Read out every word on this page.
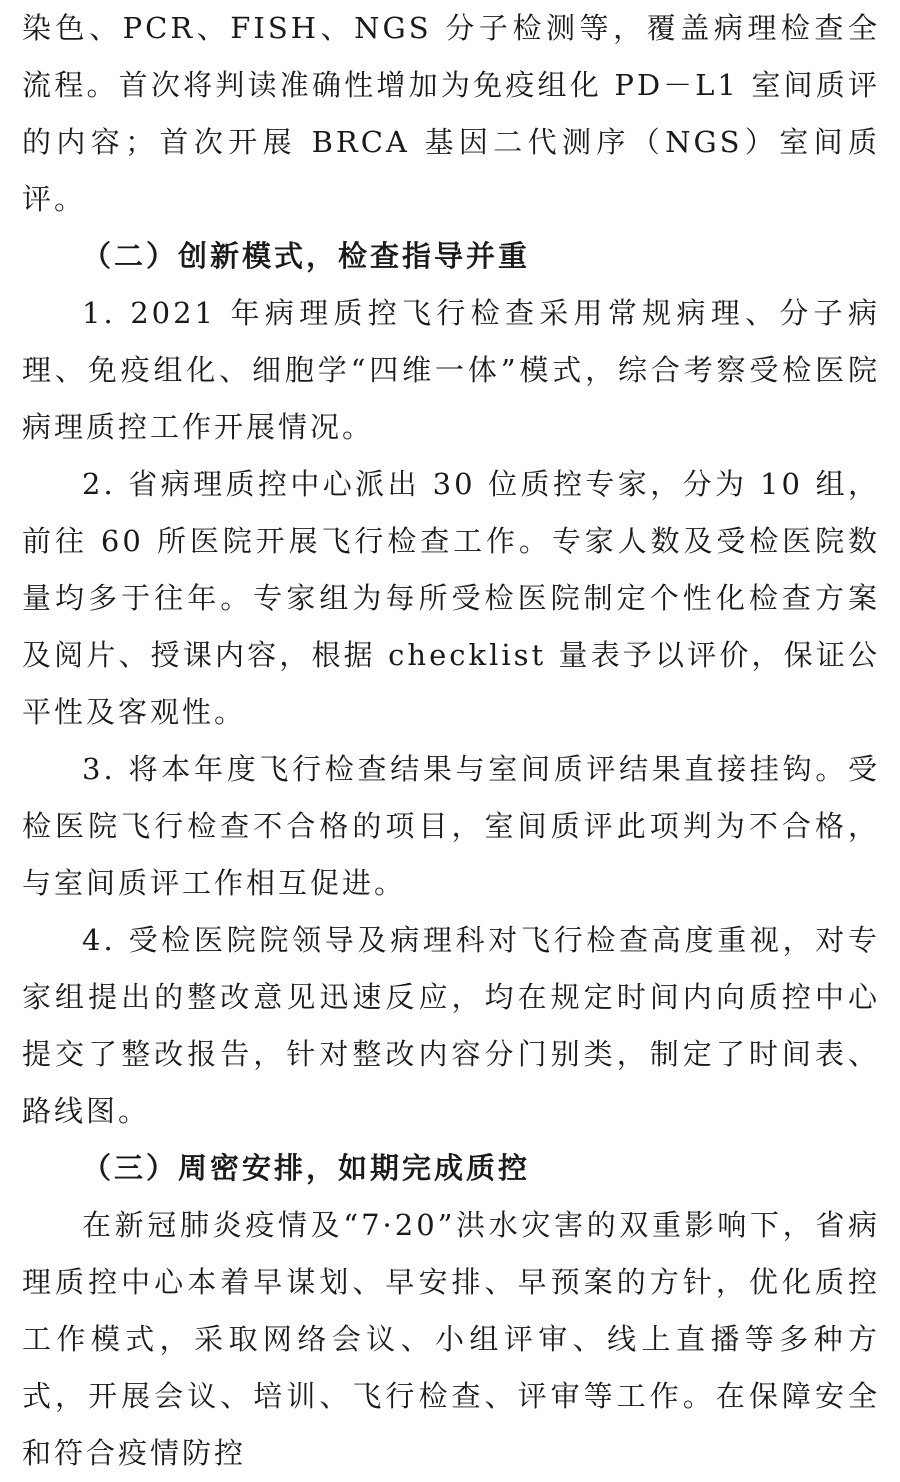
染色、PCR、FISH、NGS 分子检测等，覆盖病理检查全流程。首次将判读准确性增加为免疫组化 PD－L1 室间质评的内容；首次开展 BRCA 基因二代测序（NGS）室间质评。

（二）创新模式，检查指导并重

1. 2021 年病理质控飞行检查采用常规病理、分子病理、免疫组化、细胞学“四维一体”模式，综合考察受检医院病理质控工作开展情况。

2. 省病理质控中心派出 30 位质控专家，分为 10 组，前往 60 所医院开展飞行检查工作。专家人数及受检医院数量均多于往年。专家组为每所受检医院制定个性化检查方案及阅片、授课内容，根据 checklist 量表予以评价，保证公平性及客观性。

3. 将本年度飞行检查结果与室间质评结果直接挂钩。受检医院飞行检查不合格的项目，室间质评此项判为不合格，与室间质评工作相互促进。

4. 受检医院院领导及病理科对飞行检查高度重视，对专家组提出的整改意见迅速反应，均在规定时间内向质控中心提交了整改报告，针对整改内容分门别类，制定了时间表、路线图。

（三）周密安排，如期完成质控

在新冠肺炎疫情及“7·20”洪水灾害的双重影响下，省病理质控中心本着早谋划、早安排、早预案的方针，优化质控工作模式，采取网络会议、小组评审、线上直播等多种方式，开展会议、培训、飞行检查、评审等工作。在保障安全和符合疫情防控
